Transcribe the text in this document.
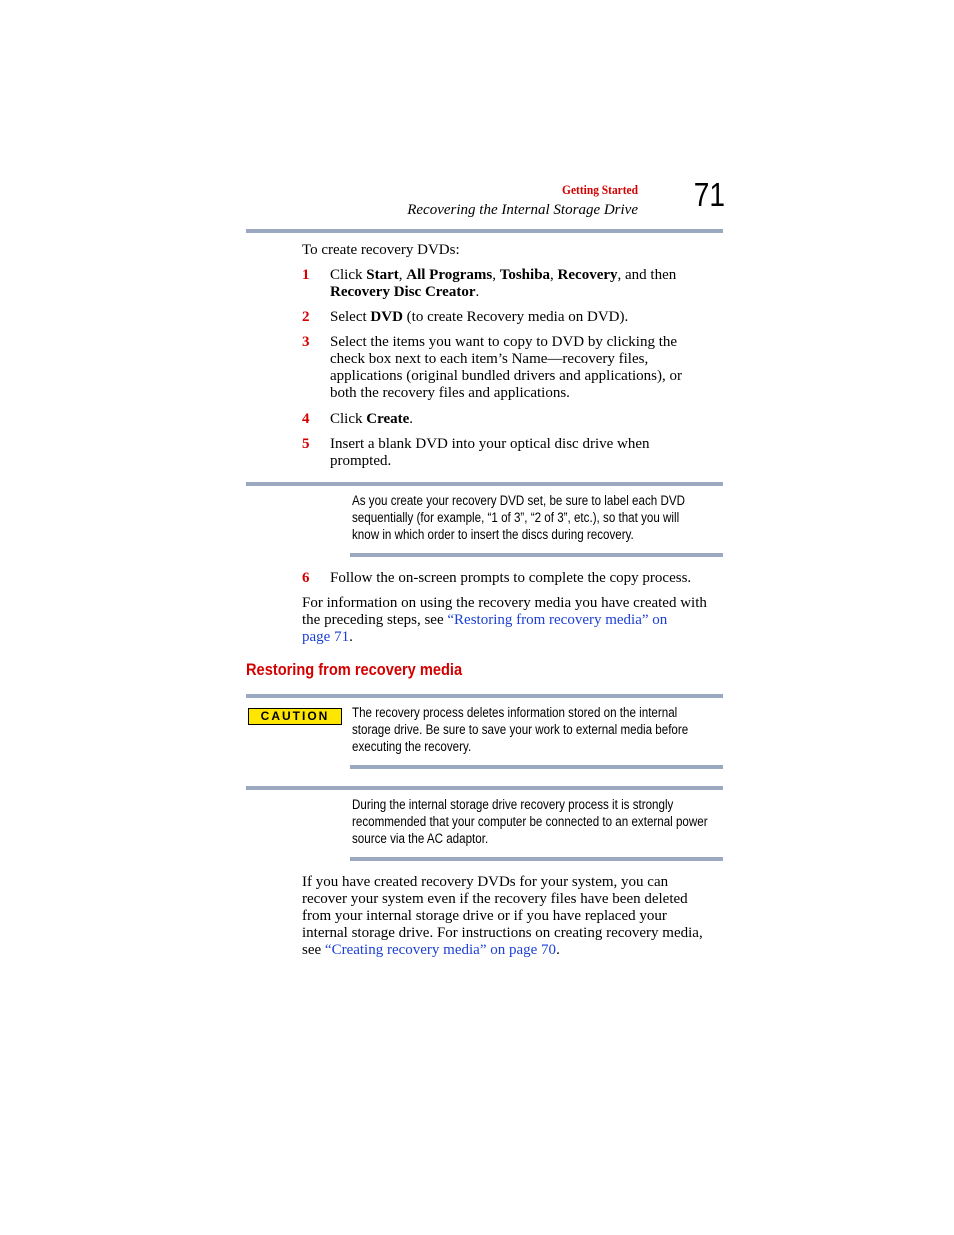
Getting Started
Recovering the Internal Storage Drive 71
To create recovery DVDs:
1 Click Start, All Programs, Toshiba, Recovery, and then
Recovery Disc Creator.
2 Select DVD (to create Recovery media on DVD).
3 Select the items you want to copy to DVD by clicking the
check box next to each item’s Name—recovery files,
applications (original bundled drivers and applications), or
both the recovery files and applications.
4 Click Create.
5 Insert a blank DVD into your optical disc drive when
prompted.
As you create your recovery DVD set, be sure to label each DVD
sequentially (for example, “1 of 3”, “2 of 3”, etc.), so that you will
know in which order to insert the discs during recovery.
6 Follow the on-screen prompts to complete the copy process.
For information on using the recovery media you have created with
the preceding steps, see “Restoring from recovery media” on
page 71.
Restoring from recovery media
CAUTION	The recovery process deletes information stored on the internal
storage drive. Be sure to save your work to external media before
executing the recovery.
During the internal storage drive recovery process it is strongly
recommended that your computer be connected to an external power
source via the AC adaptor.
If you have created recovery DVDs for your system, you can
recover your system even if the recovery files have been deleted
from your internal storage drive or if you have replaced your
internal storage drive. For instructions on creating recovery media,
see “Creating recovery media” on page 70.
